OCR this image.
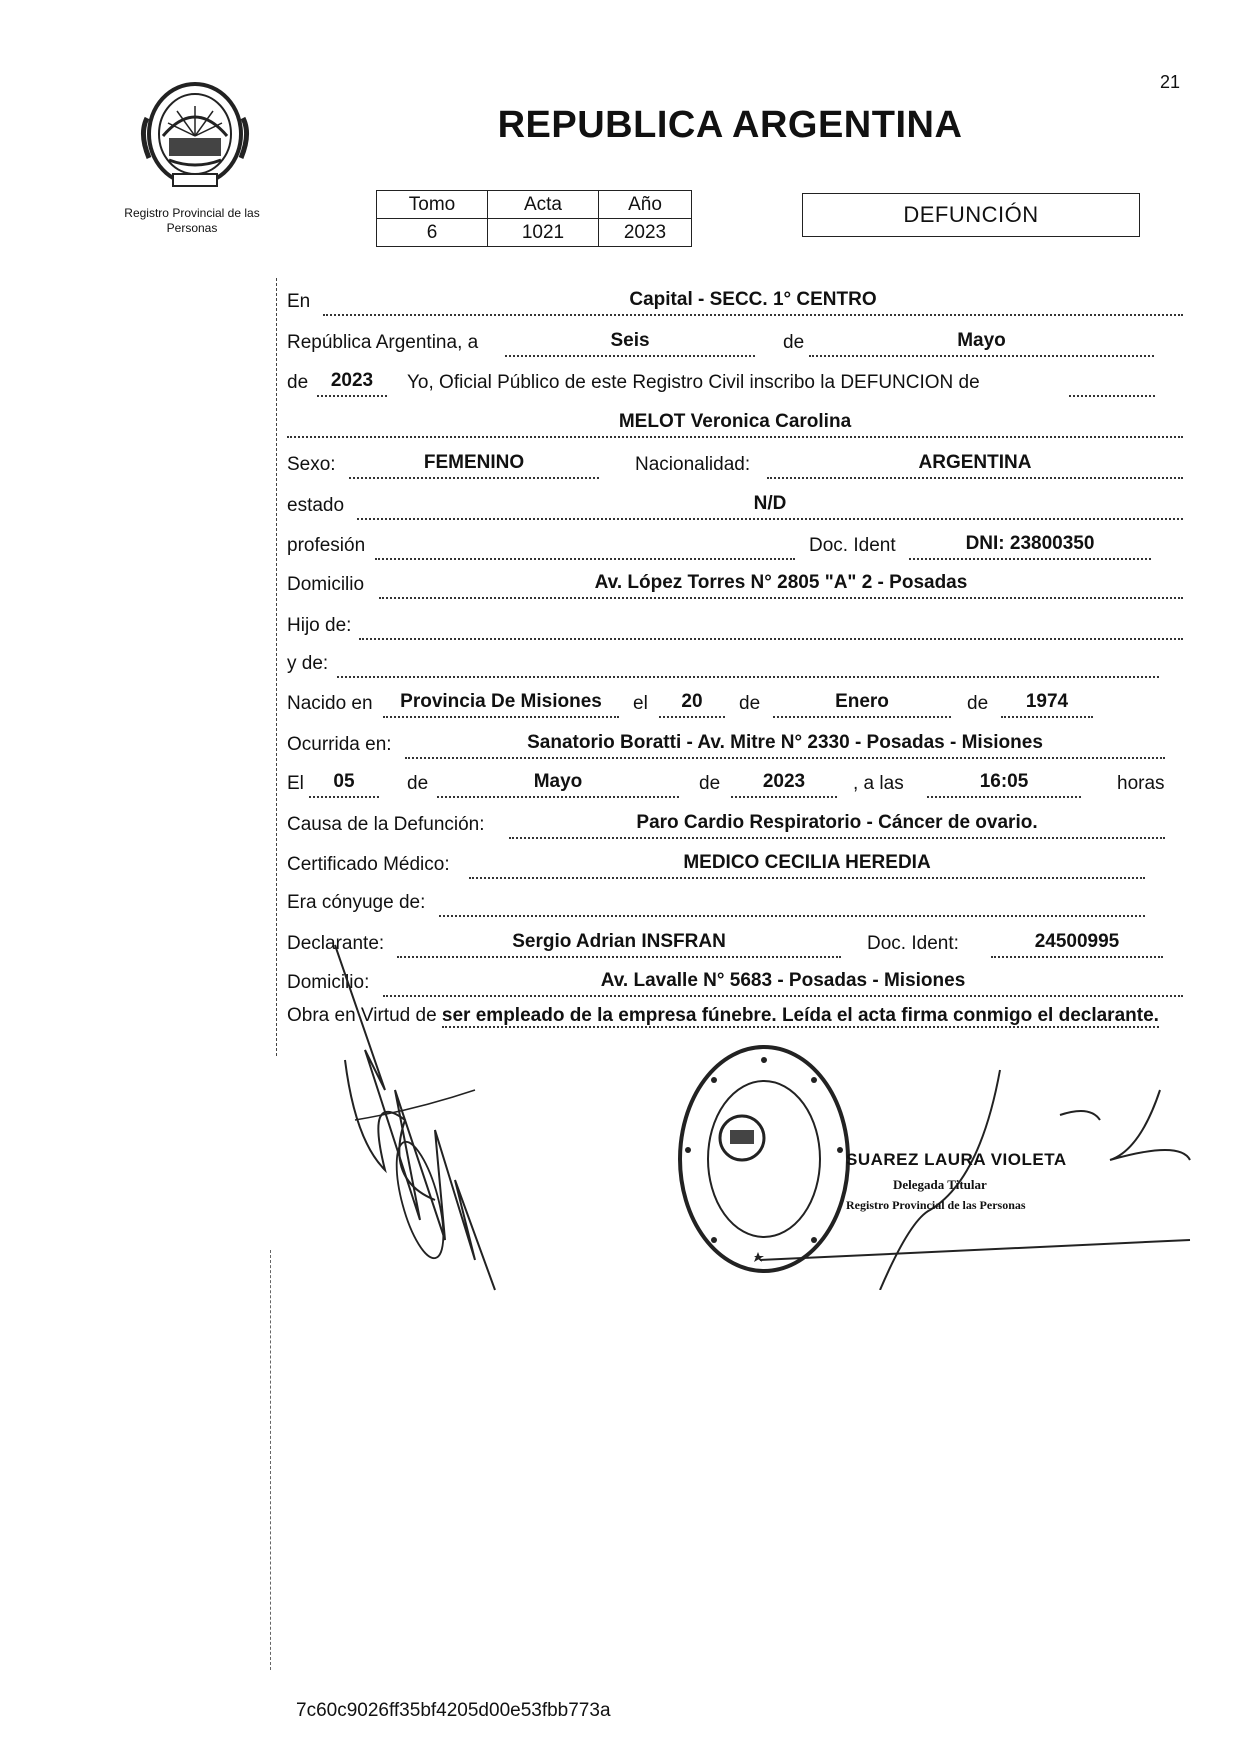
21
Registro Provincial de las Personas
REPUBLICA ARGENTINA
Tomo	Acta	Año
6	1021	2023
DEFUNCIÓN
En	Capital - SECC. 1° CENTRO
República Argentina, a	Seis	de	Mayo
de	2023	Yo, Oficial Público de este Registro Civil inscribo la DEFUNCION de
MELOT Veronica Carolina
Sexo:	FEMENINO	Nacionalidad:	ARGENTINA
estado	N/D
profesión	Doc. Ident	DNI: 23800350
Domicilio	Av. López Torres N° 2805 "A" 2 - Posadas
Hijo de:
y de:
Nacido en	Provincia De Misiones	el	20	de	Enero	de	1974
Ocurrida en:	Sanatorio Boratti - Av. Mitre N° 2330 - Posadas - Misiones
El	05	de	Mayo	de	2023	, a las	16:05	horas
Causa de la Defunción:	Paro Cardio Respiratorio - Cáncer de ovario.
Certificado Médico:	MEDICO CECILIA HEREDIA
Era cónyuge de:
Declarante:	Sergio Adrian INSFRAN	Doc. Ident:	24500995
Domicilio:	Av. Lavalle N° 5683 - Posadas - Misiones
Obra en Virtud de ser empleado de la empresa fúnebre. Leída el acta firma conmigo el declarante.
SUAREZ LAURA VIOLETA
Delegada Titular
Registro Provincial de las Personas
7c60c9026ff35bf4205d00e53fbb773a
